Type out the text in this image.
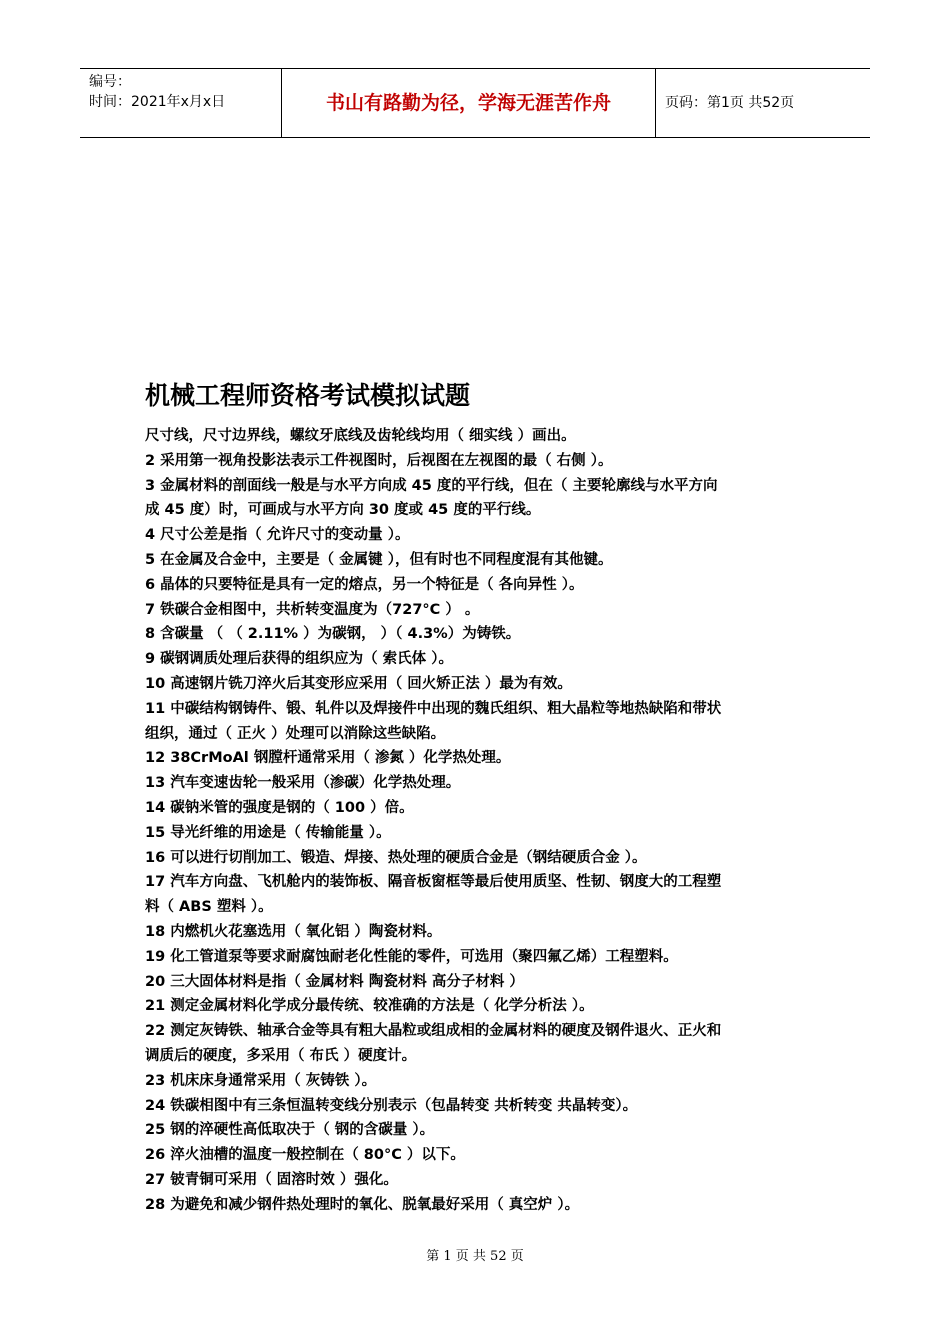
编号：
时间：2021年x月x日	书山有路勤为径，学海无涯苦作舟	页码：第1页 共52页
机械工程师资格考试模拟试题

尺寸线，尺寸边界线，螺纹牙底线及齿轮线均用（ 细实线 ）画出。

2 采用第一视角投影法表示工件视图时，后视图在左视图的最（ 右侧 ）。

3 金属材料的剖面线一般是与水平方向成 45 度的平行线，但在（ 主要轮廓线与水平方向

成 45 度）时，可画成与水平方向 30 度或 45 度的平行线。

4 尺寸公差是指（ 允许尺寸的变动量 ）。

5 在金属及合金中，主要是（ 金属键 ），但有时也不同程度混有其他键。

6 晶体的只要特征是具有一定的熔点，另一个特征是（ 各向异性 ）。

7 铁碳合金相图中，共析转变温度为（727°C ） 。

8 含碳量 （ （ 2.11% ）为碳钢， ）（ 4.3%）为铸铁。

9 碳钢调质处理后获得的组织应为（ 索氏体 ）。

10 高速钢片铣刀淬火后其变形应采用（ 回火矫正法 ）最为有效。

11 中碳结构钢铸件、锻、轧件以及焊接件中出现的魏氏组织、粗大晶粒等地热缺陷和带状

组织，通过（ 正火 ）处理可以消除这些缺陷。

12 38CrMoAl 钢膛杆通常采用（ 渗氮 ）化学热处理。

13 汽车变速齿轮一般采用（渗碳）化学热处理。

14 碳钠米管的强度是钢的（ 100 ）倍。

15 导光纤维的用途是（ 传输能量 ）。

16 可以进行切削加工、锻造、焊接、热处理的硬质合金是（钢结硬质合金 ）。

17 汽车方向盘、飞机舱内的装饰板、隔音板窗框等最后使用质坚、性韧、钢度大的工程塑

料（ ABS 塑料 ）。

18 内燃机火花塞选用（ 氧化铝 ）陶瓷材料。

19 化工管道泵等要求耐腐蚀耐老化性能的零件，可选用（聚四氟乙烯）工程塑料。

20 三大固体材料是指（ 金属材料 陶瓷材料 高分子材料 ）

21 测定金属材料化学成分最传统、较准确的方法是（ 化学分析法 ）。

22 测定灰铸铁、轴承合金等具有粗大晶粒或组成相的金属材料的硬度及钢件退火、正火和

调质后的硬度，多采用（ 布氏 ）硬度计。

23 机床床身通常采用（ 灰铸铁 ）。

24 铁碳相图中有三条恒温转变线分别表示（包晶转变 共析转变 共晶转变）。

25 钢的淬硬性高低取决于（ 钢的含碳量 ）。

26 淬火油槽的温度一般控制在（ 80°C ）以下。

27 铍青铜可采用（ 固溶时效 ）强化。

28 为避免和减少钢件热处理时的氧化、脱氧最好采用（ 真空炉 ）。

第 1 页 共 52 页
